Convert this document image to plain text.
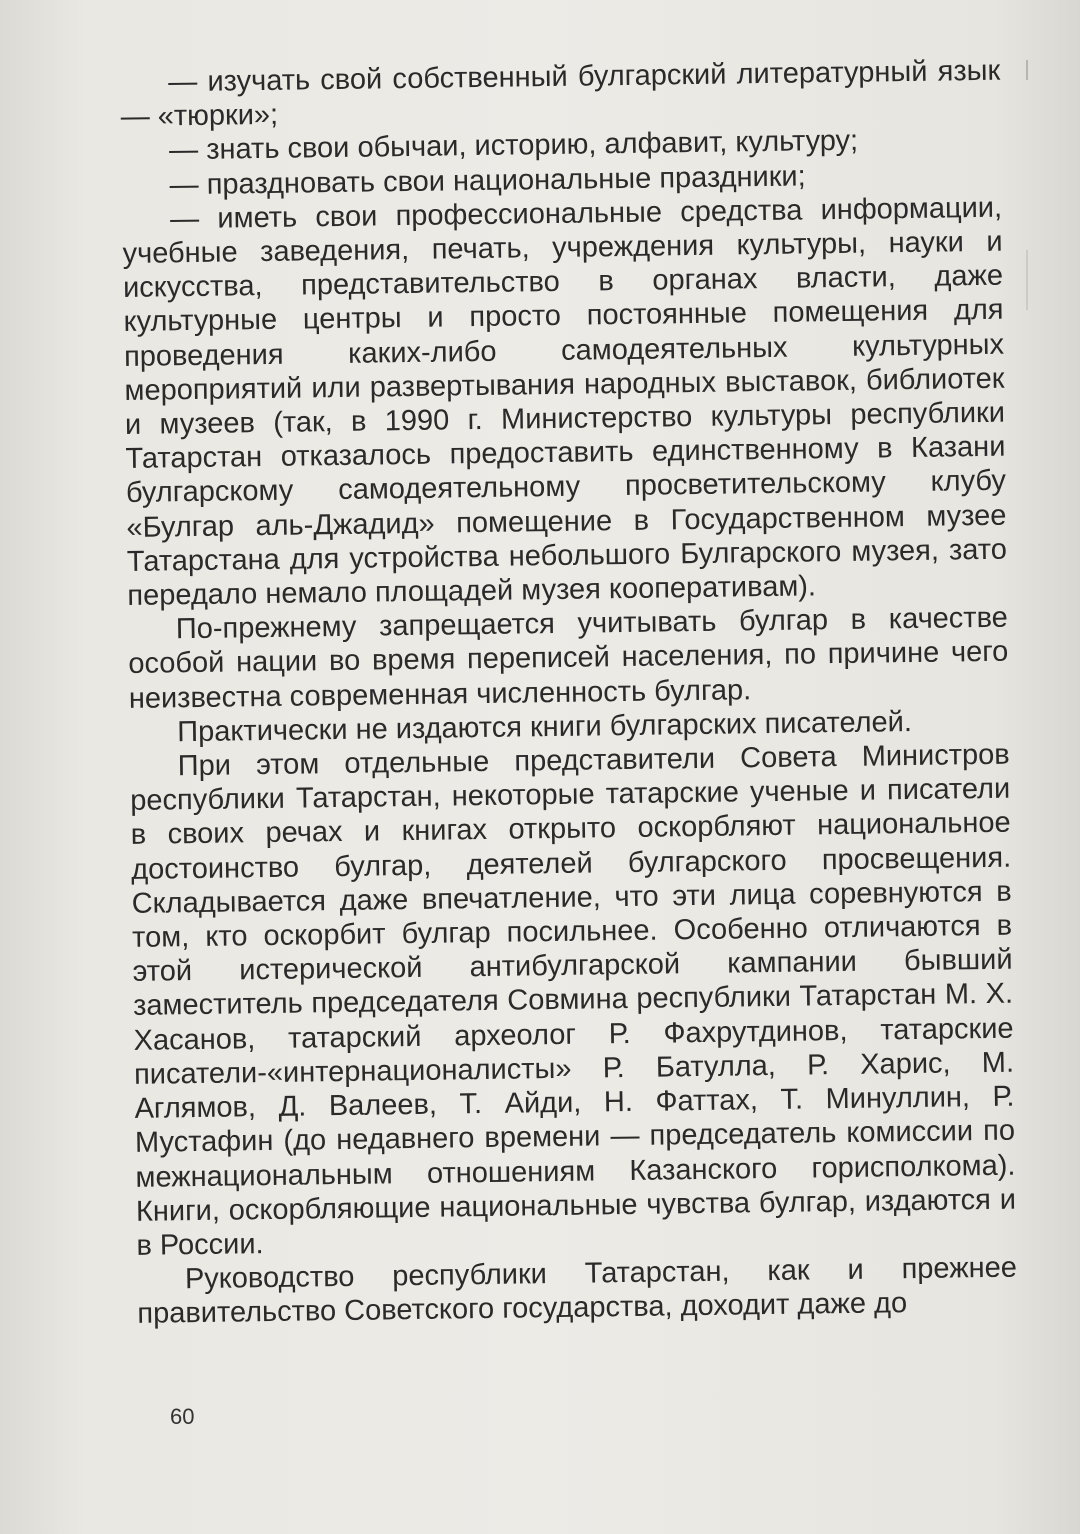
— изучать свой собственный булгарский литературный язык — «тюрки»;

— знать свои обычаи, историю, алфавит, культуру;

— праздновать свои национальные праздники;

— иметь свои профессиональные средства информации, учебные заведения, печать, учреждения культуры, науки и искусства, представительство в органах власти, даже культурные центры и просто постоянные помещения для проведения каких-либо самодеятельных культурных мероприятий или развертывания народных выставок, библиотек и музеев (так, в 1990 г. Министерство культуры республики Татарстан отказалось предоставить единственному в Казани булгарскому самодеятельному просветительскому клубу «Булгар аль-Джадид» помещение в Государственном музее Татарстана для устройства небольшого Булгарского музея, зато передало немало площадей музея кооперативам).

По-прежнему запрещается учитывать булгар в качестве особой нации во время переписей населения, по причине чего неизвестна современная численность булгар.

Практически не издаются книги булгарских писателей.

При этом отдельные представители Совета Министров республики Татарстан, некоторые татарские ученые и писатели в своих речах и книгах открыто оскорбляют национальное достоинство булгар, деятелей булгарского просвещения. Складывается даже впечатление, что эти лица соревнуются в том, кто оскорбит булгар посильнее. Особенно отличаются в этой истерической антибулгарской кампании бывший заместитель председателя Совмина республики Татарстан М. Х. Хасанов, татарский археолог Р. Фахрутдинов, татарские писатели-«интернационалисты» Р. Батулла, Р. Харис, М. Аглямов, Д. Валеев, Т. Айди, Н. Фаттах, Т. Минуллин, Р. Мустафин (до недавнего времени — председатель комиссии по межнациональным отношениям Казанского горисполкома). Книги, оскорбляющие национальные чувства булгар, издаются и в России.

Руководство республики Татарстан, как и прежнее правительство Советского государства, доходит даже до

60
